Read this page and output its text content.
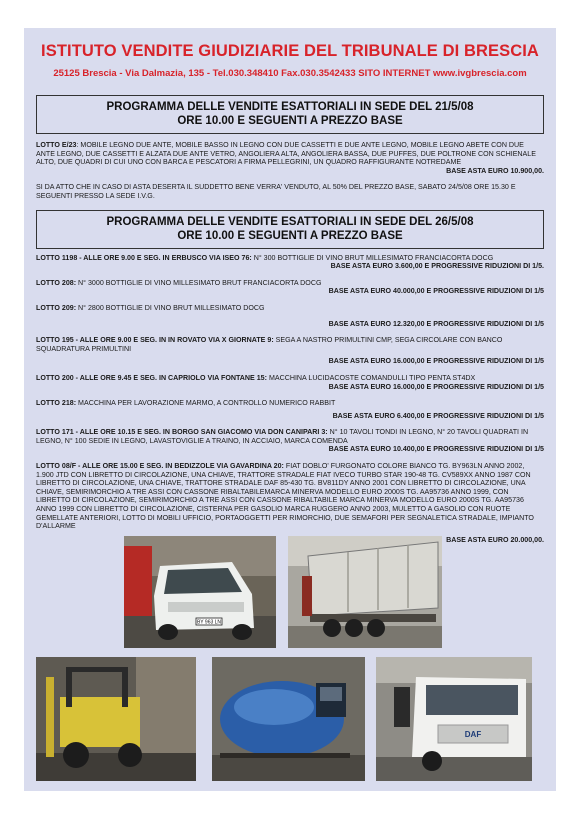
ISTITUTO VENDITE GIUDIZIARIE DEL TRIBUNALE DI BRESCIA
25125 Brescia - Via Dalmazia, 135 - Tel.030.348410 Fax.030.3542433 SITO INTERNET www.ivgbrescia.com
PROGRAMMA DELLE VENDITE ESATTORIALI IN SEDE DEL 21/5/08
ORE 10.00 E SEGUENTI A PREZZO BASE
LOTTO E/23: MOBILE LEGNO DUE ANTE, MOBILE BASSO IN LEGNO CON DUE CASSETTI E DUE ANTE LEGNO, MOBILE LEGNO ABETE CON DUE ANTE LEGNO, DUE CASSETTI E ALZATA DUE ANTE VETRO, ANGOLIERA ALTA, ANGOLIERA BASSA, DUE PUFFES, DUE POLTRONE CON SCHIENALE ALTO, DUE QUADRI DI CUI UNO CON BARCA E PESCATORI A FIRMA PELLEGRINI, UN QUADRO RAFFIGURANTE NOTREDAME
BASE ASTA EURO 10.900,00.
SI DA ATTO CHE IN CASO DI ASTA DESERTA IL SUDDETTO BENE VERRA' VENDUTO, AL 50% DEL PREZZO BASE, SABATO 24/5/08 ORE 15.30 E SEGUENTI PRESSO LA SEDE I.V.G.
PROGRAMMA DELLE VENDITE ESATTORIALI IN SEDE DEL 26/5/08
ORE 10.00 E SEGUENTI A PREZZO BASE
LOTTO 1198 - ALLE ORE 9.00 E SEG. IN ERBUSCO VIA ISEO 76: N° 300 BOTTIGLIE DI VINO BRUT MILLESIMATO FRANCIACORTA DOCG
BASE ASTA EURO 3.600,00 E PROGRESSIVE RIDUZIONI DI 1/5.
LOTTO 208: N° 3000 BOTTIGLIE DI VINO MILLESIMATO BRUT FRANCIACORTA DOCG
BASE ASTA EURO 40.000,00 E PROGRESSIVE RIDUZIONI DI 1/5
LOTTO 209: N° 2800 BOTTIGLIE DI VINO BRUT MILLESIMATO DOCG
BASE ASTA EURO 12.320,00 E PROGRESSIVE RIDUZIONI DI 1/5
LOTTO 195 - ALLE ORE 9.00 E SEG. IN IN ROVATO VIA X GIORNATE 9: SEGA A NASTRO PRIMULTINI CMP, SEGA CIRCOLARE CON BANCO SQUADRATURA PRIMULTINI
BASE ASTA EURO 16.000,00 E PROGRESSIVE RIDUZIONI DI 1/5
LOTTO 200 - ALLE ORE 9.45 E SEG. IN CAPRIOLO VIA FONTANE 15: MACCHINA LUCIDACOSTE COMANDULLI TIPO PENTA ST4DX
BASE ASTA EURO 16.000,00 E PROGRESSIVE RIDUZIONI DI 1/5
LOTTO 218: MACCHINA PER LAVORAZIONE MARMO, A CONTROLLO NUMERICO RABBIT
BASE ASTA EURO 6.400,00 E PROGRESSIVE RIDUZIONI DI 1/5
LOTTO 171 - ALLE ORE 10.15 E SEG. IN BORGO SAN GIACOMO VIA DON CANIPARI 3: N° 10 TAVOLI TONDI IN LEGNO, N° 20 TAVOLI QUADRATI IN LEGNO, N° 100 SEDIE IN LEGNO, LAVASTOVIGLIE A TRAINO, IN ACCIAIO, MARCA COMENDA
BASE ASTA EURO 10.400,00 E PROGRESSIVE RIDUZIONI DI 1/5
LOTTO 08/F - ALLE ORE 15.00 E SEG. IN BEDIZZOLE VIA GAVARDINA 20: FIAT DOBLO' FURGONATO COLORE BIANCO TG. BY963LN ANNO 2002, 1.900 JTD CON LIBRETTO DI CIRCOLAZIONE, UNA CHIAVE, TRATTORE STRADALE FIAT IVECO TURBO STAR 190-48 TG. CV589XX ANNO 1987 CON LIBRETTO DI CIRCOLAZIONE, UNA CHIAVE, TRATTORE STRADALE DAF 85-430 TG. BV811DY ANNO 2001 CON LIBRETTO DI CIRCOLAZIONE, UNA CHIAVE, SEMIRIMORCHIO A TRE ASSI CON CASSONE RIBALTABILEMARCA MINERVA MODELLO EURO 2000S TG. AA95736 ANNO 1999, CON LIBRETTO DI CIRCOLAZIONE, SEMIRIMORCHIO A TRE ASSI CON CASSONE RIBALTABILE MARCA MINERVA MODELLO EURO 2000S TG. AA95736 ANNO 1999 CON LIBRETTO DI CIRCOLAZIONE, CISTERNA PER GASOLIO MARCA RUGGERO ANNO 2003, MULETTO A GASOLIO CON RUOTE GEMELLATE ANTERIORI, LOTTO DI MOBILI UFFICIO, PORTAOGGETTI PER RIMORCHIO, DUE SEMAFORI PER SEGNALETICA STRADALE, IMPIANTO D'ALLARME
BASE ASTA EURO 20.000,00.
BY 963 LN
DAF
